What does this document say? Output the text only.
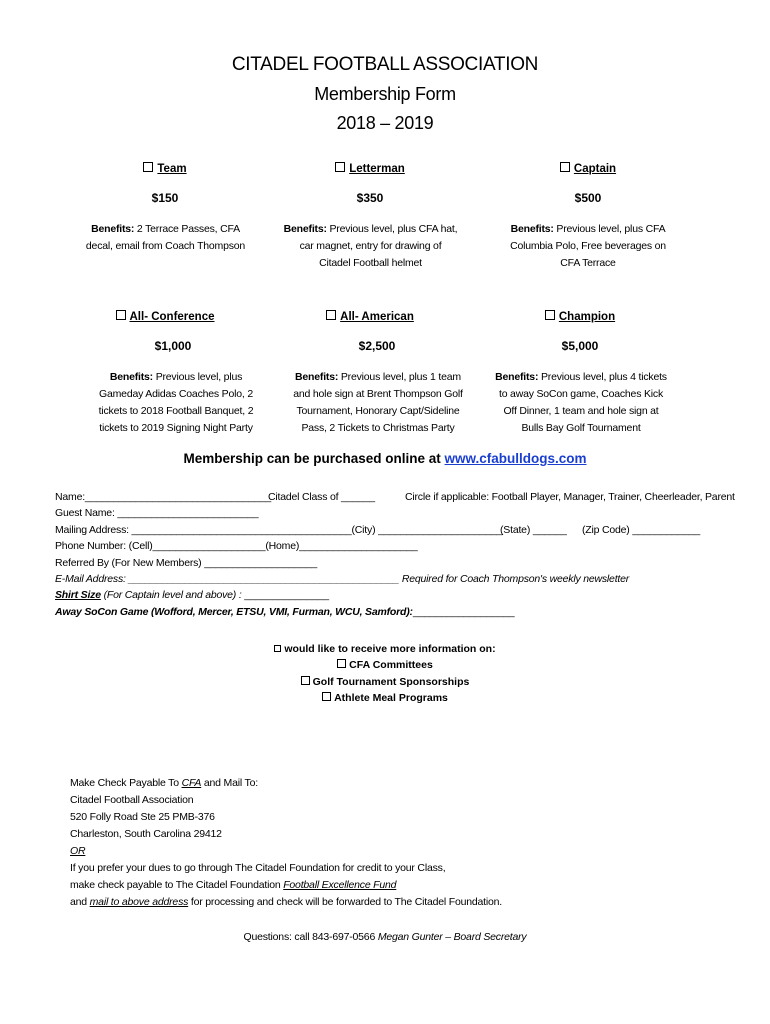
CITADEL FOOTBALL ASSOCIATION
Membership Form
2018 – 2019
Team	Letterman	Captain
$150	$350	$500
Benefits: 2 Terrace Passes, CFA decal, email from Coach Thompson
Benefits: Previous level, plus CFA hat, car magnet, entry for drawing of Citadel Football helmet
Benefits: Previous level, plus CFA Columbia Polo, Free beverages on CFA Terrace
All- Conference	All- American	Champion
$1,000	$2,500	$5,000
Benefits: Previous level, plus Gameday Adidas Coaches Polo, 2 tickets to 2018 Football Banquet, 2 tickets to 2019 Signing Night Party
Benefits: Previous level, plus 1 team and hole sign at Brent Thompson Golf Tournament, Honorary Capt/Sideline Pass, 2 Tickets to Christmas Party
Benefits: Previous level, plus 4 tickets to away SoCon game, Coaches Kick Off Dinner, 1 team and hole sign at Bulls Bay Golf Tournament
Membership can be purchased online at www.cfabulldogs.com
Name:_________________________________
Citadel Class of ______	Circle if applicable: Football Player, Manager, Trainer, Cheerleader, Parent
Guest Name: _________________________
Mailing Address: _______________________________________(City) ______________________
(State) ______ (Zip Code) ____________
Phone Number: (Cell)____________________(Home)_____________________
Referred By (For New Members) ____________________
E-Mail Address: ________________________________________________ Required for Coach Thompson's weekly newsletter
Shirt Size (For Captain level and above) : _______________
Away SoCon Game (Wofford, Mercer, ETSU, VMI, Furman, WCU, Samford):__________________
would like to receive more information on:
CFA Committees
Golf Tournament Sponsorships
Athlete Meal Programs
Make Check Payable To CFA and Mail To:
Citadel Football Association
520 Folly Road Ste 25 PMB-376
Charleston, South Carolina 29412
OR
If you prefer your dues to go through The Citadel Foundation for credit to your Class,
make check payable to The Citadel Foundation Football Excellence Fund
and mail to above address for processing and check will be forwarded to The Citadel Foundation.
Questions: call 843-697-0566 Megan Gunter – Board Secretary
